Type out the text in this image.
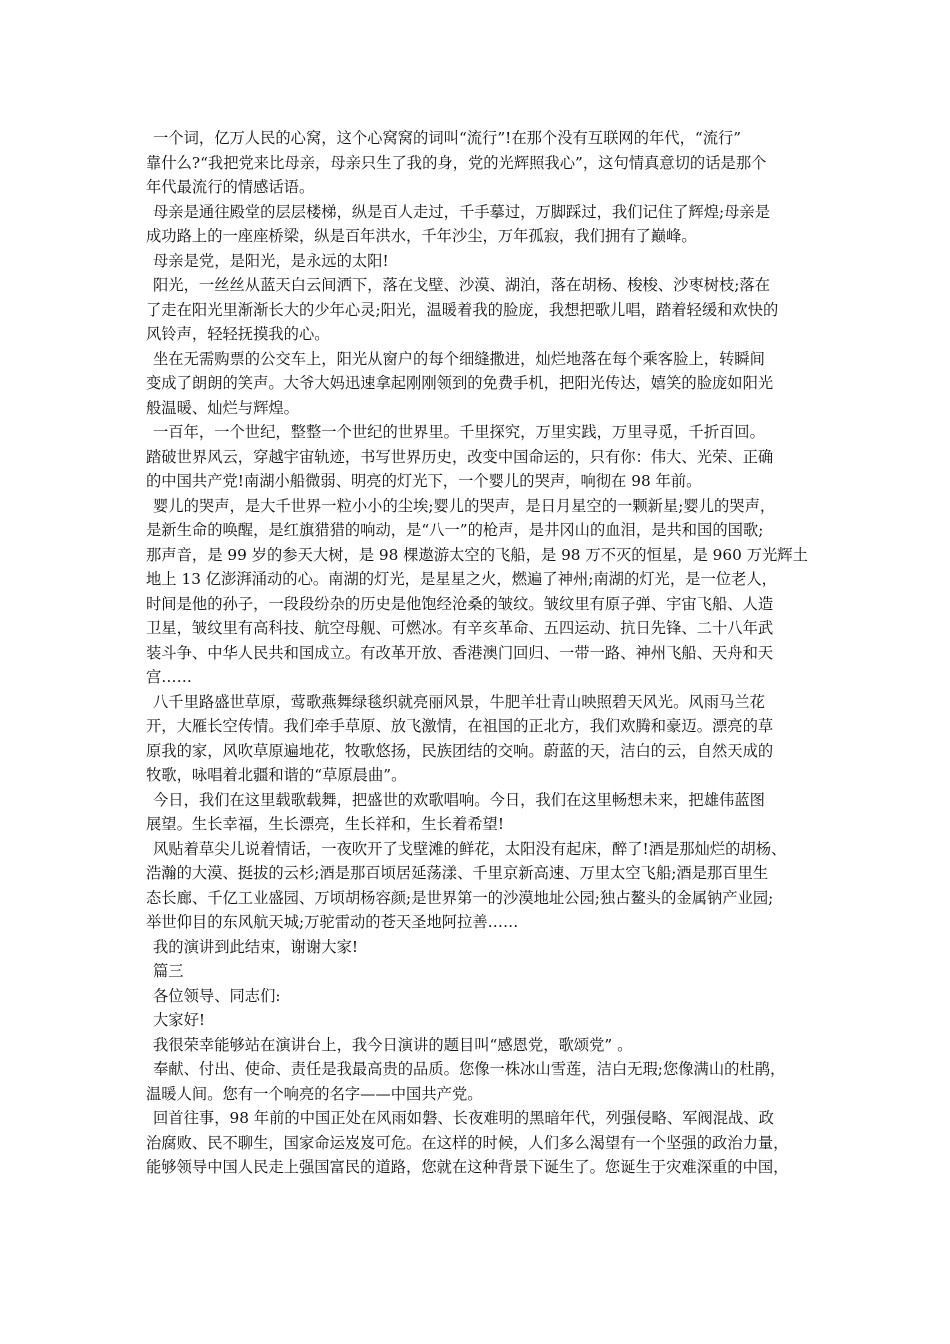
一个词，亿万人民的心窝，这个心窝窝的词叫“流行”!在那个没有互联网的年代，“流行”
靠什么?“我把党来比母亲，母亲只生了我的身，党的光辉照我心”，这句情真意切的话是那个
年代最流行的情感话语。
母亲是通往殿堂的层层楼梯，纵是百人走过，千手摹过，万脚踩过，我们记住了辉煌;母亲是
成功路上的一座座桥梁，纵是百年洪水，千年沙尘，万年孤寂，我们拥有了巅峰。
母亲是党，是阳光，是永远的太阳!
阳光，一丝丝从蓝天白云间洒下，落在戈壁、沙漠、湖泊，落在胡杨、梭梭、沙枣树枝;落在
了走在阳光里渐渐长大的少年心灵;阳光，温暖着我的脸庞，我想把歌儿唱，踏着轻缓和欢快的
风铃声，轻轻抚摸我的心。
坐在无需购票的公交车上，阳光从窗户的每个细缝撒进，灿烂地落在每个乘客脸上，转瞬间
变成了朗朗的笑声。大爷大妈迅速拿起刚刚领到的免费手机，把阳光传达，嬉笑的脸庞如阳光
般温暖、灿烂与辉煌。
一百年，一个世纪，整整一个世纪的世界里。千里探究，万里实践，万里寻觅，千折百回。
踏破世界风云，穿越宇宙轨迹，书写世界历史，改变中国命运的，只有你：伟大、光荣、正确
的中国共产党!南湖小船微弱、明亮的灯光下，一个婴儿的哭声，响彻在 98 年前。
婴儿的哭声，是大千世界一粒小小的尘埃;婴儿的哭声，是日月星空的一颗新星;婴儿的哭声，
是新生命的唤醒，是红旗猎猎的响动，是“八一”的枪声，是井冈山的血泪，是共和国的国歌;
那声音，是 99 岁的参天大树，是 98 棵遨游太空的飞船，是 98 万不灭的恒星，是 960 万光辉土
地上 13 亿澎湃涌动的心。南湖的灯光，是星星之火，燃遍了神州;南湖的灯光，是一位老人，
时间是他的孙子，一段段纷杂的历史是他饱经沧桑的皱纹。皱纹里有原子弹、宇宙飞船、人造
卫星，皱纹里有高科技、航空母舰、可燃冰。有辛亥革命、五四运动、抗日先锋、二十八年武
装斗争、中华人民共和国成立。有改革开放、香港澳门回归、一带一路、神州飞船、天舟和天
宫……
八千里路盛世草原，莺歌燕舞绿毯织就亮丽风景，牛肥羊壮青山映照碧天风光。风雨马兰花
开，大雁长空传情。我们牵手草原、放飞激情，在祖国的正北方，我们欢腾和豪迈。漂亮的草
原我的家，风吹草原遍地花，牧歌悠扬，民族团结的交响。蔚蓝的天，洁白的云，自然天成的
牧歌，咏唱着北疆和谐的“草原晨曲”。
今日，我们在这里载歌载舞，把盛世的欢歌唱响。今日，我们在这里畅想未来，把雄伟蓝图
展望。生长幸福，生长漂亮，生长祥和，生长着希望!
风贴着草尖儿说着情话，一夜吹开了戈壁滩的鲜花，太阳没有起床，醉了!酒是那灿烂的胡杨、
浩瀚的大漠、挺拔的云杉;酒是那百顷居延荡漾、千里京新高速、万里太空飞船;酒是那百里生
态长廊、千亿工业盛园、万顷胡杨容颜;是世界第一的沙漠地址公园;独占鳌头的金属钠产业园;
举世仰目的东风航天城;万驼雷动的苍天圣地阿拉善……
我的演讲到此结束，谢谢大家!
篇三
各位领导、同志们:
大家好!
我很荣幸能够站在演讲台上，我今日演讲的题目叫“感恩党，歌颂党” 。
奉献、付出、使命、责任是我最高贵的品质。您像一株冰山雪莲，洁白无瑕;您像满山的杜鹃，
温暖人间。您有一个响亮的名字——中国共产党。
回首往事，98 年前的中国正处在风雨如磐、长夜难明的黑暗年代，列强侵略、军阀混战、政
治腐败、民不聊生，国家命运岌岌可危。在这样的时候，人们多么渴望有一个坚强的政治力量，
能够领导中国人民走上强国富民的道路，您就在这种背景下诞生了。您诞生于灾难深重的中国，
